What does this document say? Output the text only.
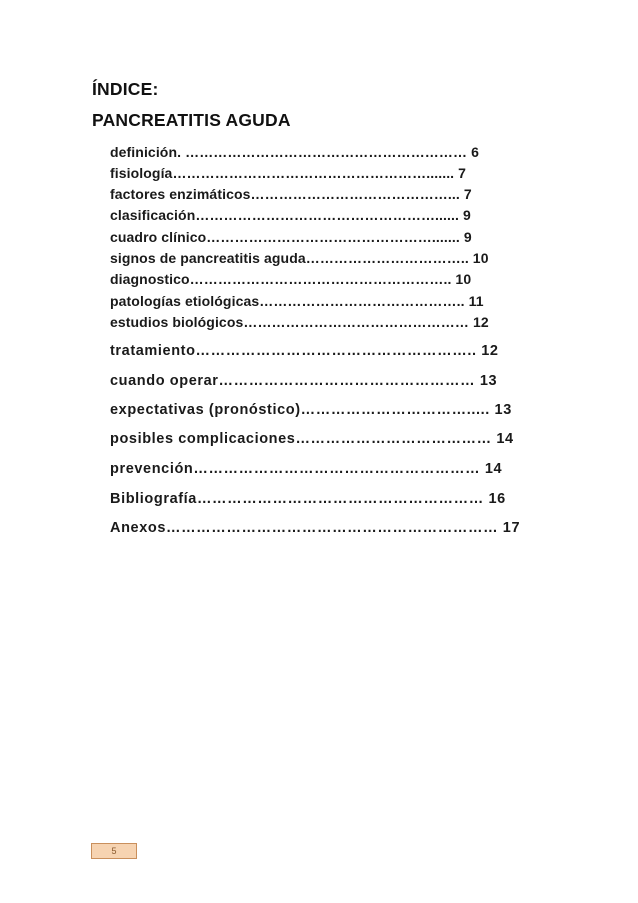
ÍNDICE:
PANCREATITIS AGUDA
definición. …………………………………………………… 6
fisiología………………………………………………....... 7
factores enzimáticos……………………………………... 7
clasificación……………………………………………...... 9
cuadro clínico…………………………………………....... 9
signos de pancreatitis aguda…………………………….. 10
diagnostico……………………………………………….. 10
patologías etiológicas…………………………………….. 11
estudios biológicos………………………………………… 12
tratamiento……………………………………………….. 12
cuando operar…………………………………………… 13
expectativas (pronóstico)……………………………..... 13
posibles complicaciones………………………………… 14
prevención………………………………………………… 14
Bibliografía………………………………………………… 16
Anexos………………………………………………………… 17
5
